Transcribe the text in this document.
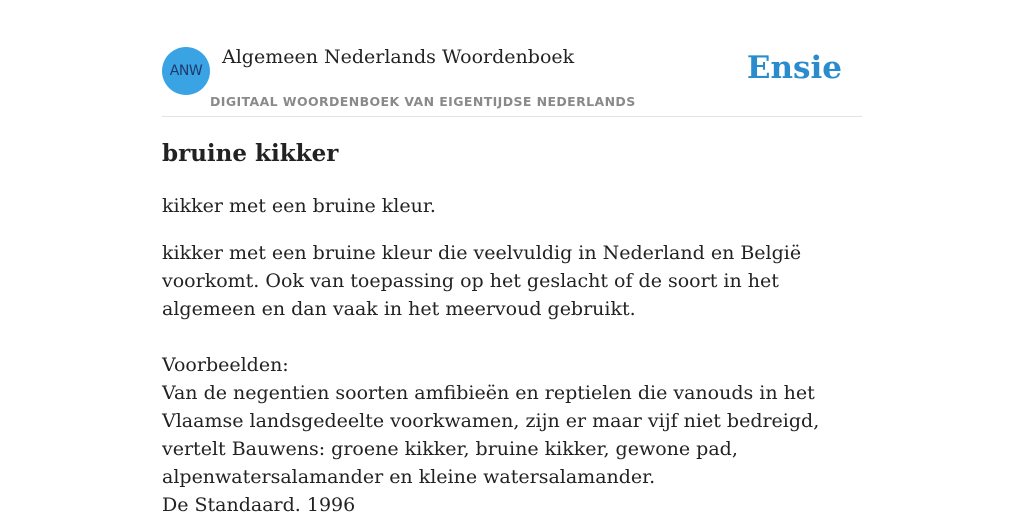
ANW
Algemeen Nederlands Woordenboek
DIGITAAL WOORDENBOEK VAN EIGENTIJDSE NEDERLANDS
Ensie
bruine kikker

kikker met een bruine kleur.

kikker met een bruine kleur die veelvuldig in Nederland en België voorkomt. Ook van toepassing op het geslacht of de soort in het algemeen en dan vaak in het meervoud gebruikt.

Voorbeelden:

Van de negentien soorten amfibieën en reptielen die vanouds in het Vlaamse landsgedeelte voorkwamen, zijn er maar vijf niet bedreigd, vertelt Bauwens: groene kikker, bruine kikker, gewone pad, alpenwatersalamander en kleine watersalamander.

De Standaard. 1996
